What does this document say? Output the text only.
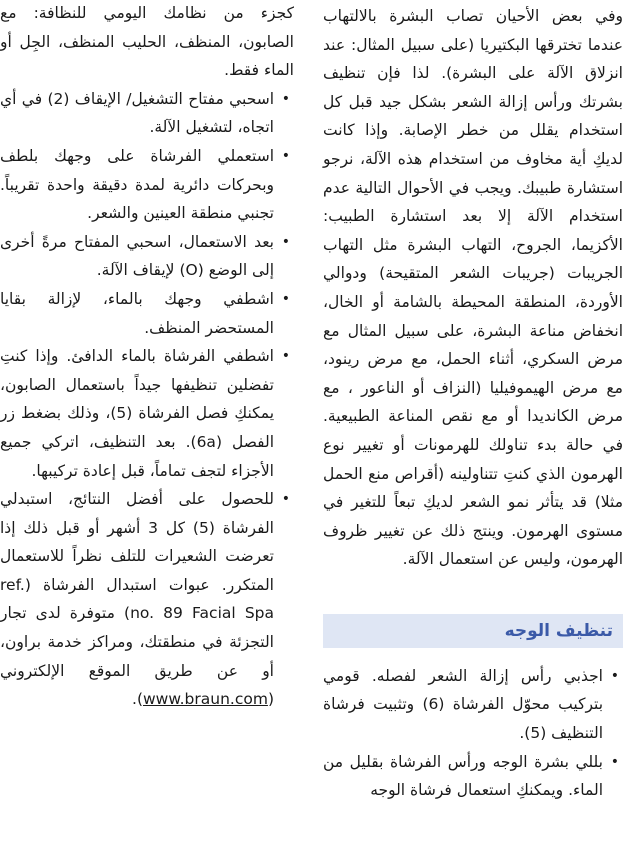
وفي بعض الأحيان تصاب البشرة بالالتهاب عندما تخترقها البكتيريا (على سبيل المثال: عند انزلاق الآلة على البشرة). لذا فإن تنظيف بشرتك ورأس إزالة الشعر بشكل جيد قبل كل استخدام يقلل من خطر الإصابة. وإذا كانت لديكِ أية مخاوف من استخدام هذه الآلة، نرجو استشارة طبيبك. ويجب في الأحوال التالية عدم استخدام الآلة إلا بعد استشارة الطبيب: الأكزيما، الجروح، التهاب البشرة مثل التهاب الجريبات (جريبات الشعر المتقيحة) ودوالي الأوردة، المنطقة المحيطة بالشامة أو الخال، انخفاض مناعة البشرة، على سبيل المثال مع مرض السكري، أثناء الحمل، مع مرض رينود، مع مرض الهيموفيليا (النزاف أو الناعور ، مع مرض الكانديدا أو مع نقص المناعة الطبيعية. في حالة بدء تناولك للهرمونات أو تغيير نوع الهرمون الذي كنتِ تتناولينه (أقراص منع الحمل مثلا) قد يتأثر نمو الشعر لديكِ تبعاً للتغير في مستوى الهرمون. وينتج ذلك عن تغيير ظروف الهرمون، وليس عن استعمال الآلة.

تنظيف الوجه
• اجذبي رأس إزالة الشعر لفصله. قومي بتركيب محوّل الفرشاة (6) وتثبيت فرشاة التنظيف (5).
• بللي بشرة الوجه ورأس الفرشاة بقليل من الماء. ويمكنكِ استعمال فرشاة الوجه

كجزء من نظامك اليومي للنظافة: مع الصابون، المنظف، الحليب المنظف، الجِل أو الماء فقط.

• اسحبي مفتاح التشغيل/ الإيقاف (2) في أي اتجاه، لتشغيل الآلة.
• استعملي الفرشاة على وجهك بلطف وبحركات دائرية لمدة دقيقة واحدة تقريباً. تجنبي منطقة العينين والشعر.
• بعد الاستعمال، اسحبي المفتاح مرةً أخرى إلى الوضع (O) لإيقاف الآلة.
• اشطفي وجهك بالماء، لإزالة بقايا المستحضر المنظف.
• اشطفي الفرشاة بالماء الدافئ. وإذا كنتِ تفضلين تنظيفها جيداً باستعمال الصابون، يمكنكِ فصل الفرشاة (5)، وذلك بضغط زر الفصل (6a). بعد التنظيف، اتركي جميع الأجزاء لتجف تماماً، قبل إعادة تركيبها.
• للحصول على أفضل النتائج، استبدلي الفرشاة (5) كل 3 أشهر أو قبل ذلك إذا تعرضت الشعيرات للتلف نظراً للاستعمال المتكرر. عبوات استبدال الفرشاة (ref. no. 89 Facial Spa) متوفرة لدى تجار التجزئة في منطقتك، ومراكز خدمة براون، أو عن طريق الموقع الإلكتروني (www.braun.com).
